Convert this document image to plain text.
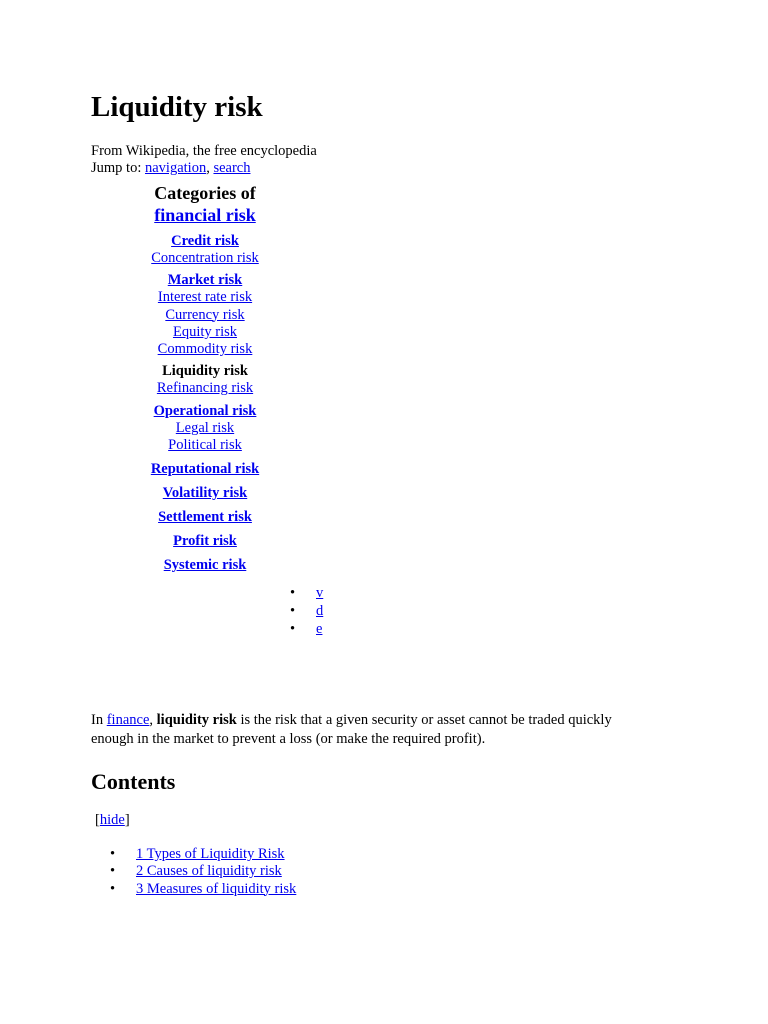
Liquidity risk
From Wikipedia, the free encyclopedia
Jump to: navigation, search
Categories of
financial risk
Credit risk
Concentration risk
Market risk
Interest rate risk
Currency risk
Equity risk
Commodity risk
Liquidity risk
Refinancing risk
Operational risk
Legal risk
Political risk
Reputational risk
Volatility risk
Settlement risk
Profit risk
Systemic risk
•	v
•	d
•	e

In finance, liquidity risk is the risk that a given security or asset cannot be traded quickly enough in the market to prevent a loss (or make the required profit).

Contents
[hide]
•	1 Types of Liquidity Risk
•	2 Causes of liquidity risk
•	3 Measures of liquidity risk
